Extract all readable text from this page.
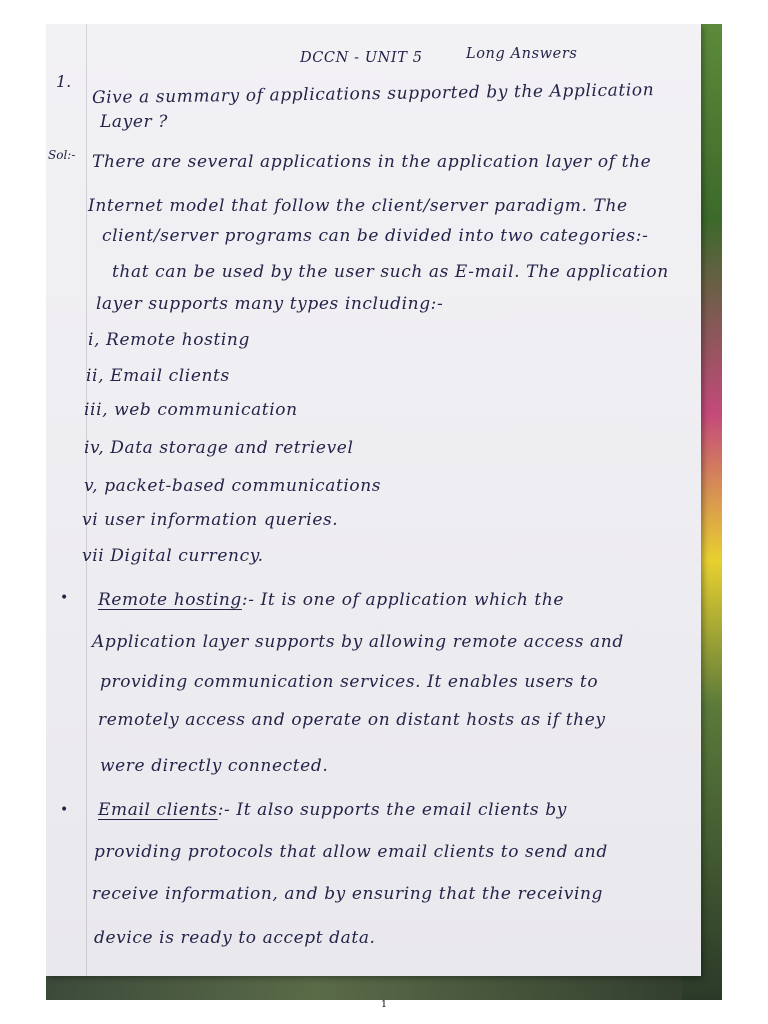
DCCN - UNIT 5	Long Answers
1. Give a summary of applications supported by the Application
Layer ?
Sol:- There are several applications in the application layer of the
Internet model that follow the client/server paradigm. The
client/server programs can be divided into two categories:-
that can be used by the user such as E-mail. The application
layer supports many types including:-
i, Remote hosting
ii, Email clients
iii, web communication
iv, Data storage and retrievel
v, packet-based communications
vi user information queries.
vii Digital currency.
• Remote hosting:- It is one of application which the
Application layer supports by allowing remote access and
providing communication services. It enables users to
remotely access and operate on distant hosts as if they
were directly connected.
• Email clients:- It also supports the email clients by
providing protocols that allow email clients to send and
receive information, and by ensuring that the receiving
device is ready to accept data.
1
